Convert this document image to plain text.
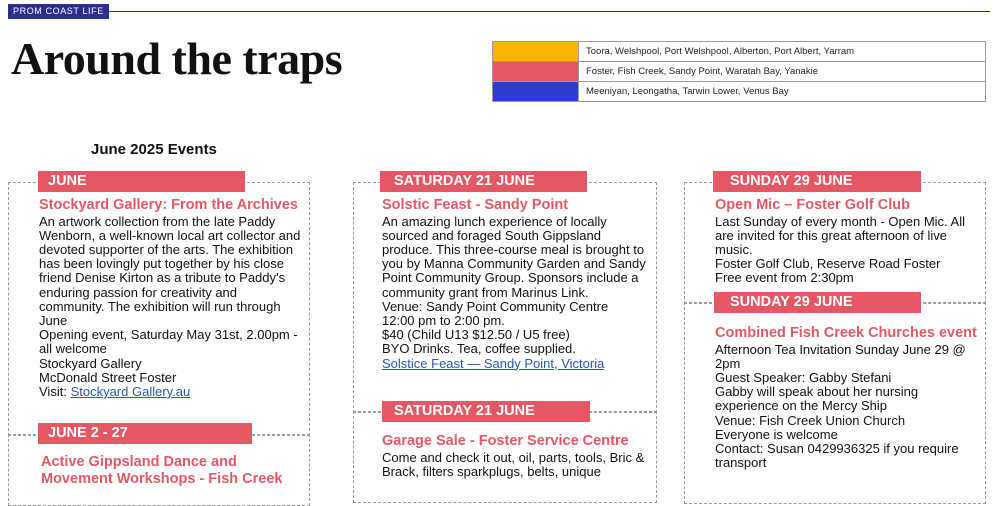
PROM COAST LIFE
Around the traps
		Toora, Welshpool, Port Welshpool, Alberton, Port Albert, Yarram
	Foster, Fish Creek, Sandy Point, Waratah Bay, Yanakie
	Meeniyan, Leongatha, Tarwin Lower, Venus Bay
June 2025 Events
JUNE
Stockyard Gallery: From the Archives
An artwork collection from the late Paddy Wenborn, a well-known local art collector and devoted supporter of the arts. The exhibition has been lovingly put together by his close friend Denise Kirton as a tribute to Paddy’s enduring passion for creativity and community. The exhibition will run through June
Opening event, Saturday May 31st, 2.00pm - all welcome
Stockyard Gallery
McDonald Street Foster
Visit: Stockyard Gallery.au
JUNE 2 - 27
Active Gippsland Dance and Movement Workshops - Fish Creek
SATURDAY 21 JUNE
Solstic Feast - Sandy Point
An amazing lunch experience of locally sourced and foraged South Gippsland produce. This three-course meal is brought to you by Manna Community Garden and Sandy Point Community Group. Sponsors include a community grant from Marinus Link.
Venue: Sandy Point Community Centre
12:00 pm to 2:00 pm.
$40 (Child U13 $12.50 / U5 free)
BYO Drinks. Tea, coffee supplied.
Solstice Feast — Sandy Point, Victoria
SATURDAY 21 JUNE
Garage Sale - Foster Service Centre
Come and check it out, oil, parts, tools, Bric & Brack, filters sparkplugs, belts, unique
SUNDAY 29 JUNE
Open Mic – Foster Golf Club
Last Sunday of every month - Open Mic. All are invited for this great afternoon of live music.
Foster Golf Club, Reserve Road Foster
Free event from 2:30pm
SUNDAY 29 JUNE
Combined Fish Creek Churches event
Afternoon Tea Invitation Sunday June 29 @ 2pm
Guest Speaker: Gabby Stefani
Gabby will speak about her nursing experience on the Mercy Ship
Venue: Fish Creek Union Church
Everyone is welcome
Contact: Susan 0429936325 if you require transport
